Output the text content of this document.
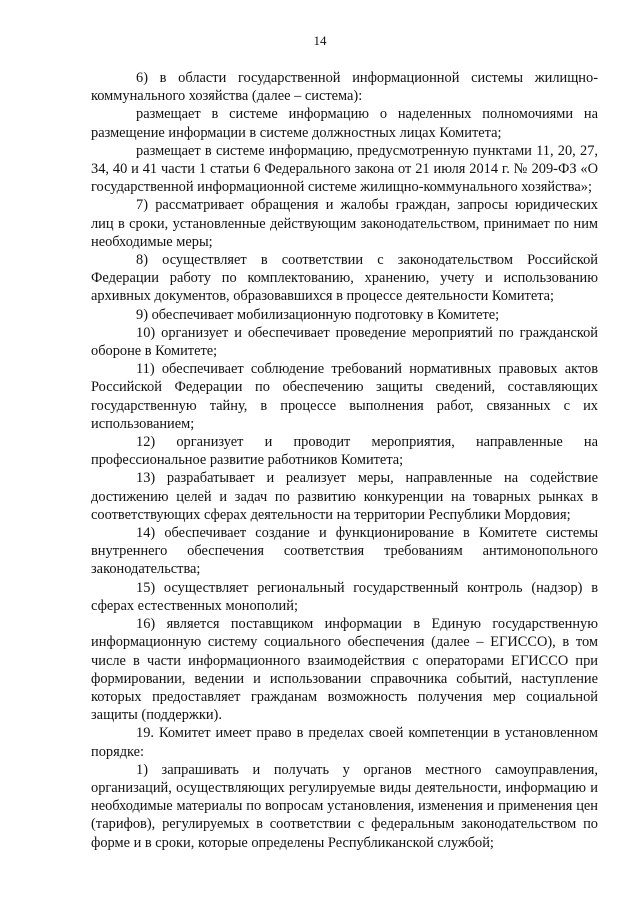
14

6) в области государственной информационной системы жилищно-коммунального хозяйства (далее – система):

размещает в системе информацию о наделенных полномочиями на размещение информации в системе должностных лицах Комитета;

размещает в системе информацию, предусмотренную пунктами 11, 20, 27, 34, 40 и 41 части 1 статьи 6 Федерального закона от 21 июля 2014 г. № 209-ФЗ «О государственной информационной системе жилищно-коммунального хозяйства»;

7) рассматривает обращения и жалобы граждан, запросы юридических лиц в сроки, установленные действующим законодательством, принимает по ним необходимые меры;

8) осуществляет в соответствии с законодательством Российской Федерации работу по комплектованию, хранению, учету и использованию архивных документов, образовавшихся в процессе деятельности Комитета;

9) обеспечивает мобилизационную подготовку в Комитете;

10) организует и обеспечивает проведение мероприятий по гражданской обороне в Комитете;

11) обеспечивает соблюдение требований нормативных правовых актов Российской Федерации по обеспечению защиты сведений, составляющих государственную тайну, в процессе выполнения работ, связанных с их использованием;

12) организует и проводит мероприятия, направленные на профессиональное развитие работников Комитета;

13) разрабатывает и реализует меры, направленные на содействие достижению целей и задач по развитию конкуренции на товарных рынках в соответствующих сферах деятельности на территории Республики Мордовия;

14) обеспечивает создание и функционирование в Комитете системы внутреннего обеспечения соответствия требованиям антимонопольного законодательства;

15) осуществляет региональный государственный контроль (надзор) в сферах естественных монополий;

16) является поставщиком информации в Единую государственную информационную систему социального обеспечения (далее – ЕГИССО), в том числе в части информационного взаимодействия с операторами ЕГИССО при формировании, ведении и использовании справочника событий, наступление которых предоставляет гражданам возможность получения мер социальной защиты (поддержки).

19. Комитет имеет право в пределах своей компетенции в установленном порядке:

1) запрашивать и получать у органов местного самоуправления, организаций, осуществляющих регулируемые виды деятельности, информацию и необходимые материалы по вопросам установления, изменения и применения цен (тарифов), регулируемых в соответствии с федеральным законодательством по форме и в сроки, которые определены Республиканской службой;
